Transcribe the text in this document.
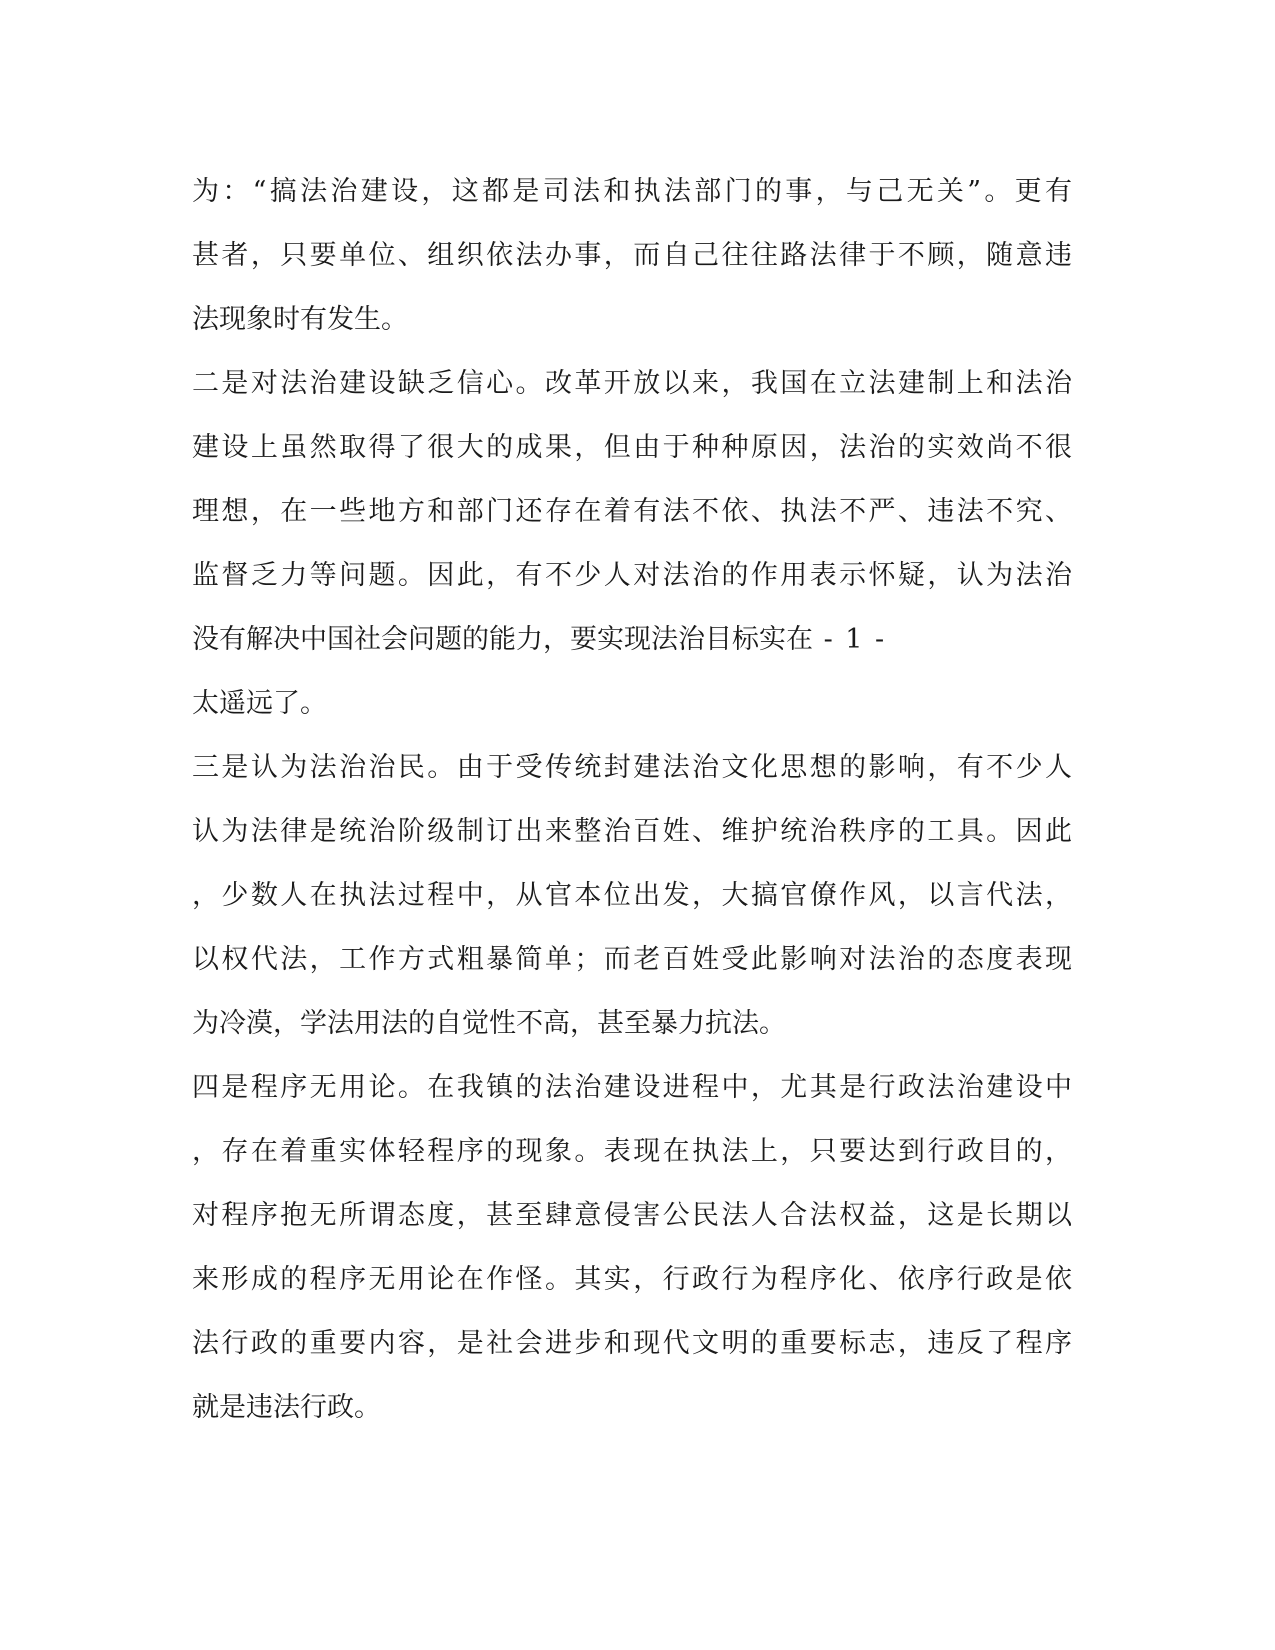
为：“搞法治建设，这都是司法和执法部门的事，与己无关”。更有
甚者，只要单位、组织依法办事，而自己往往路法律于不顾，随意违
法现象时有发生。
二是对法治建设缺乏信心。改革开放以来，我国在立法建制上和法治
建设上虽然取得了很大的成果，但由于种种原因，法治的实效尚不很
理想，在一些地方和部门还存在着有法不依、执法不严、违法不究、
监督乏力等问题。因此，有不少人对法治的作用表示怀疑，认为法治
没有解决中国社会问题的能力，要实现法治目标实在 - 1 -
太遥远了。
三是认为法治治民。由于受传统封建法治文化思想的影响，有不少人
认为法律是统治阶级制订出来整治百姓、维护统治秩序的工具。因此
，少数人在执法过程中，从官本位出发，大搞官僚作风，以言代法，
以权代法，工作方式粗暴简单；而老百姓受此影响对法治的态度表现
为冷漠，学法用法的自觉性不高，甚至暴力抗法。
四是程序无用论。在我镇的法治建设进程中，尤其是行政法治建设中
，存在着重实体轻程序的现象。表现在执法上，只要达到行政目的，
对程序抱无所谓态度，甚至肆意侵害公民法人合法权益，这是长期以
来形成的程序无用论在作怪。其实，行政行为程序化、依序行政是依
法行政的重要内容，是社会进步和现代文明的重要标志，违反了程序
就是违法行政。
